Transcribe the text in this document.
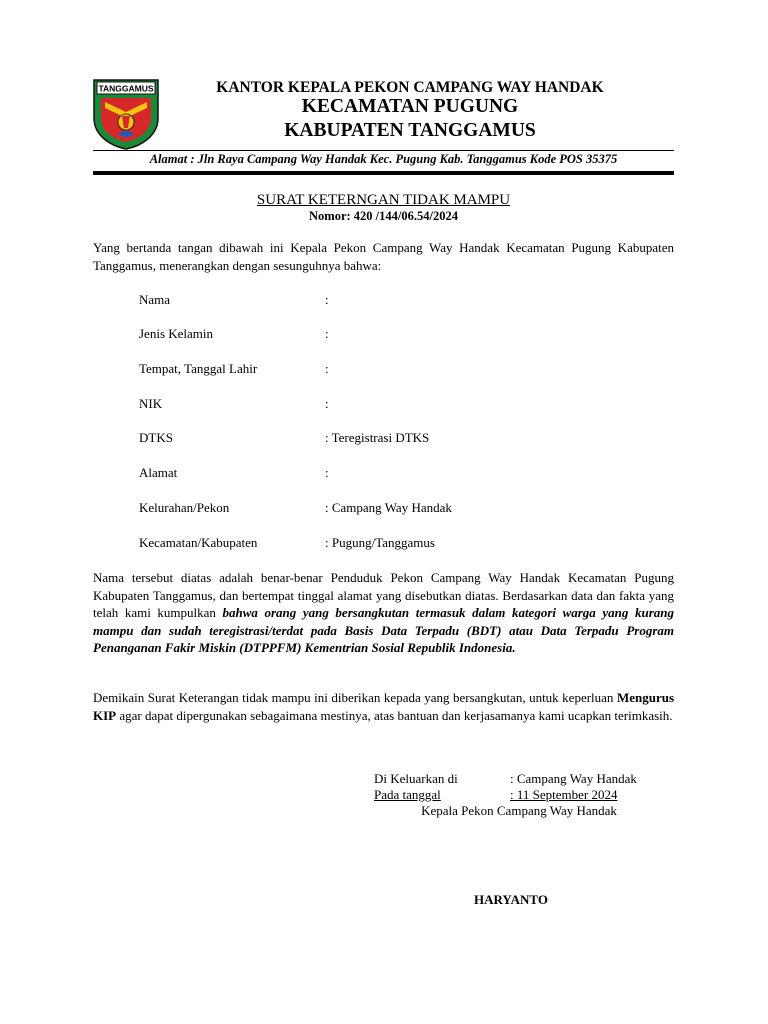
TANGGAMUS	KANTOR KEPALA PEKON CAMPANG WAY HANDAK
KECAMATAN PUGUNG
KABUPATEN TANGGAMUS
Alamat : Jln Raya Campang Way Handak Kec. Pugung Kab. Tanggamus Kode POS 35375
SURAT KETERNGAN TIDAK MAMPU
Nomor: 420 /144/06.54/2024
Yang bertanda tangan dibawah ini Kepala Pekon Campang Way Handak Kecamatan Pugung Kabupaten Tanggamus, menerangkan dengan sesunguhnya bahwa:
Nama	:
Jenis Kelamin	:
Tempat, Tanggal Lahir	:
NIK	:
DTKS	: Teregistrasi DTKS
Alamat	:
Kelurahan/Pekon	: Campang Way Handak
Kecamatan/Kabupaten	: Pugung/Tanggamus
Nama tersebut diatas adalah benar-benar Penduduk Pekon Campang Way Handak Kecamatan Pugung Kabupaten Tanggamus, dan bertempat tinggal alamat yang disebutkan diatas. Berdasarkan data dan fakta yang telah kami kumpulkan bahwa orang yang bersangkutan termasuk dalam kategori warga yang kurang mampu dan sudah teregistrasi/terdat pada Basis Data Terpadu (BDT) atau Data Terpadu Program Penanganan Fakir Miskin (DTPPFM) Kementrian Sosial Republik Indonesia.
Demikain Surat Keterangan tidak mampu ini diberikan kepada yang bersangkutan, untuk keperluan Mengurus KIP agar dapat dipergunakan sebagaimana mestinya, atas bantuan dan kerjasamanya kami ucapkan terimkasih.
Di Keluarkan di	: Campang Way Handak
Pada tanggal	: 11 September 2024
Kepala Pekon Campang Way Handak
HARYANTO
